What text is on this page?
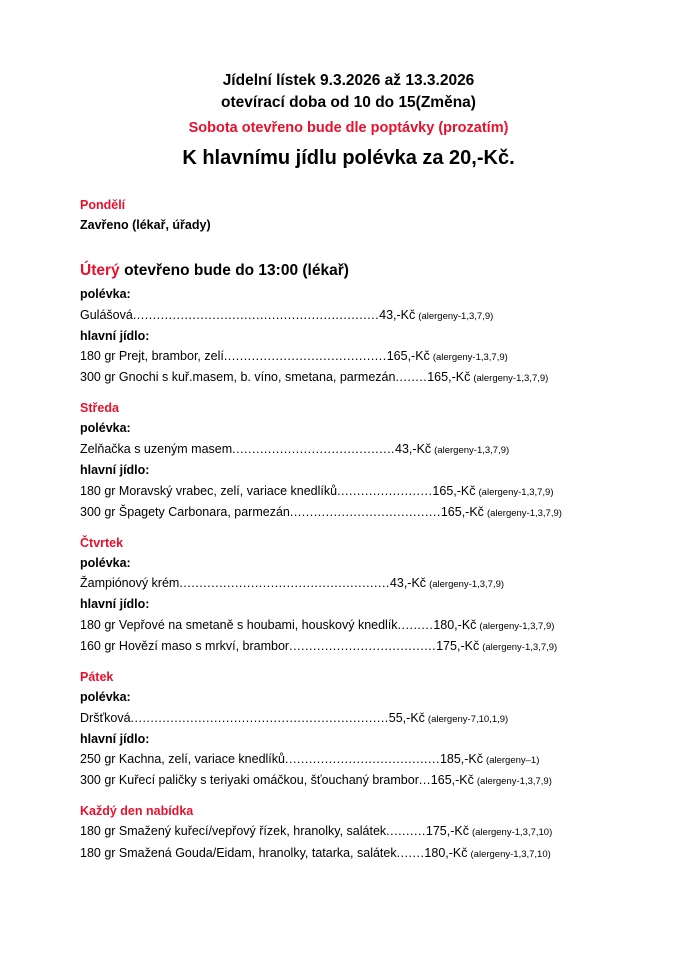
Jídelní lístek 9.3.2026 až 13.3.2026
otevírací doba od 10 do 15(Změna)
Sobota otevřeno bude dle poptávky (prozatím)
K hlavnímu jídlu polévka za 20,-Kč.
Pondělí
Zavřeno (lékař, úřady)
Úterý otevřeno bude do 13:00 (lékař)
polévka:
Gulášová..............................................................43,-Kč (alergeny-1,3,7,9)
hlavní jídlo:
180 gr Prejt, brambor, zelí.........................................165,-Kč (alergeny-1,3,7,9)
300 gr Gnochi s kuř.masem, b. víno, smetana, parmezán........165,-Kč (alergeny-1,3,7,9)
Středa
polévka:
Zelňačka s uzeným masem.........................................43,-Kč (alergeny-1,3,7,9)
hlavní jídlo:
180 gr Moravský vrabec, zelí, variace knedlíků........................165,-Kč (alergeny-1,3,7,9)
300 gr Špagety Carbonara, parmezán......................................165,-Kč (alergeny-1,3,7,9)
Čtvrtek
polévka:
Žampiónový krém.....................................................43,-Kč (alergeny-1,3,7,9)
hlavní jídlo:
180 gr Vepřové na smetaně s houbami, houskový knedlík.........180,-Kč (alergeny-1,3,7,9)
160 gr Hovězí maso s mrkví, brambor.....................................175,-Kč (alergeny-1,3,7,9)
Pátek
polévka:
Dršťková.................................................................55,-Kč (alergeny-7,10,1,9)
hlavní jídlo:
250 gr Kachna, zelí, variace knedlíků.......................................185,-Kč (alergeny–1)
300 gr Kuřecí paličky s teriyaki omáčkou, šťouchaný brambor...165,-Kč (alergeny-1,3,7,9)
Každý den nabídka
180 gr Smažený kuřecí/vepřový řízek, hranolky, salátek..........175,-Kč (alergeny-1,3,7,10)
180 gr Smažená Gouda/Eidam, hranolky, tatarka, salátek.......180,-Kč (alergeny-1,3,7,10)
